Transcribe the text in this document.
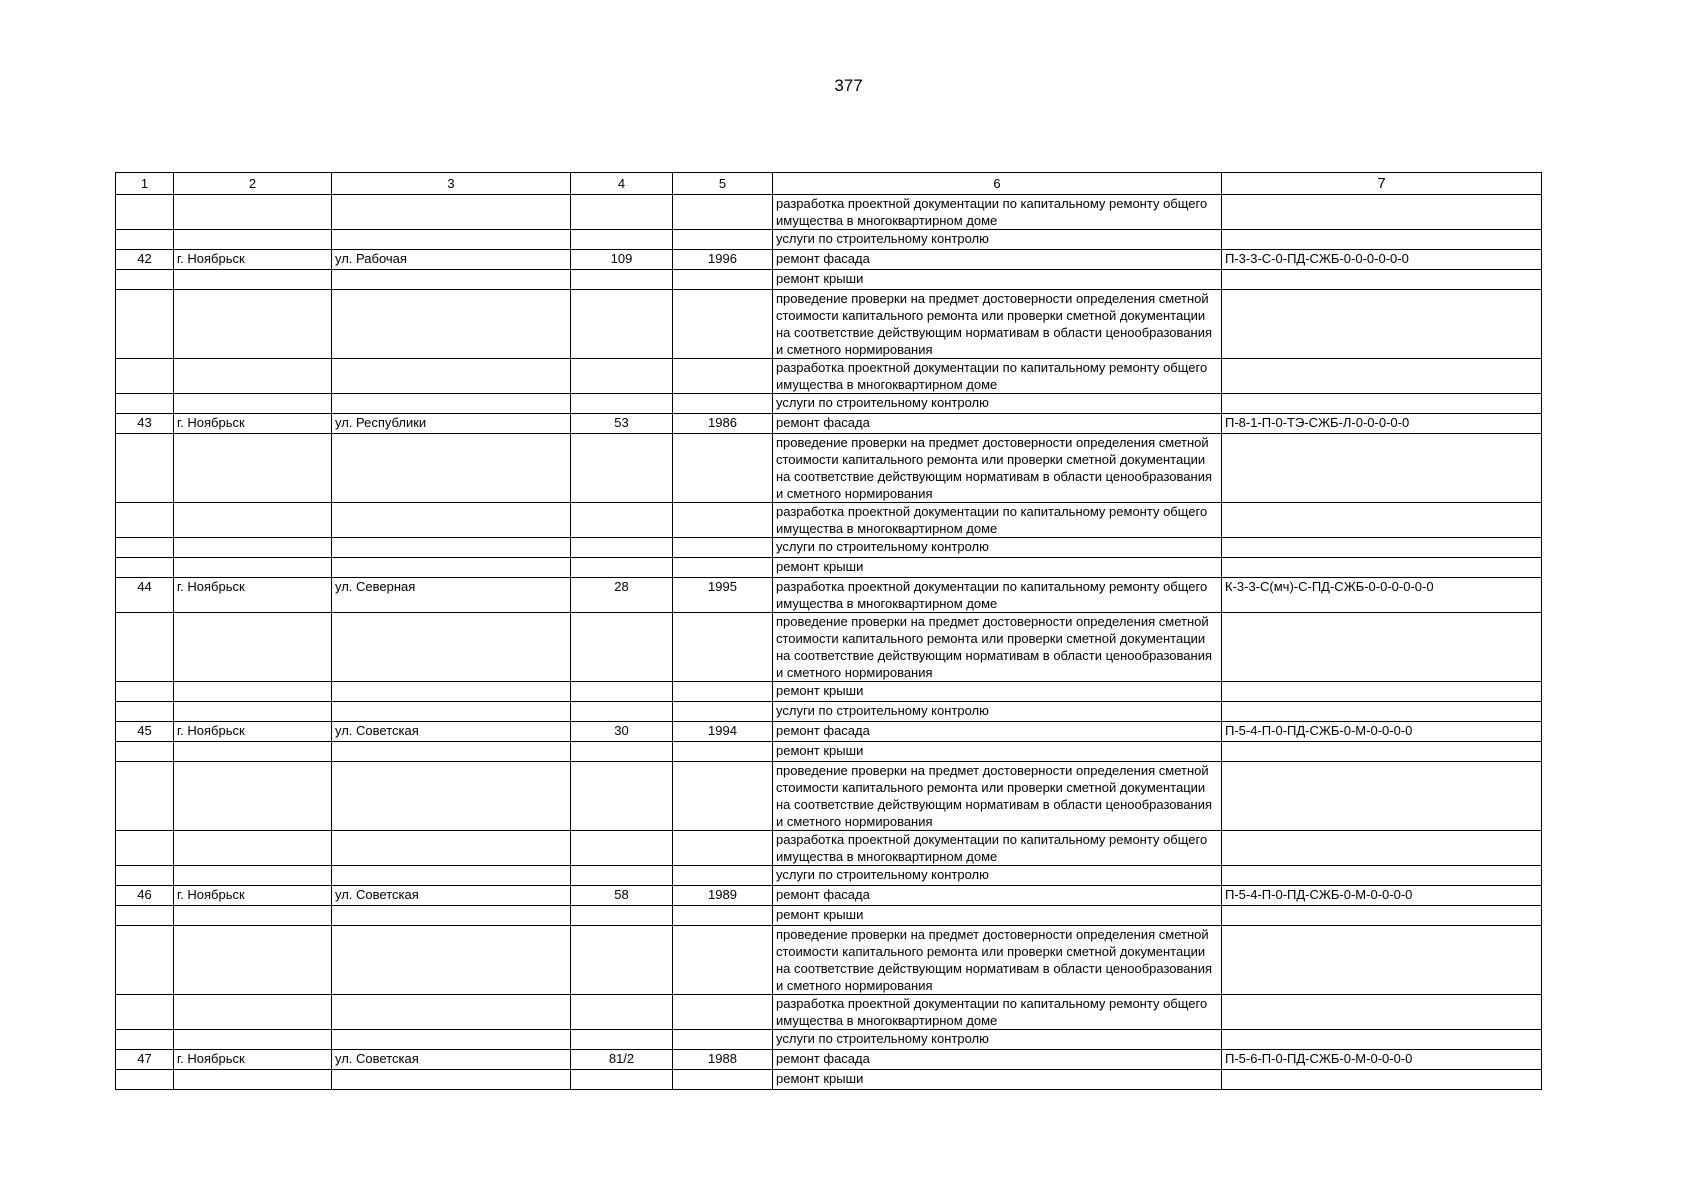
377
1	2	3	4	5	6	7
					разработка проектной документации по капитальному ремонту общего имущества в многоквартирном доме	
					услуги по строительному контролю	
42	г. Ноябрьск	ул. Рабочая	109	1996	ремонт фасада	П-3-3-С-0-ПД-СЖБ-0-0-0-0-0-0
					ремонт крыши	
					проведение проверки на предмет достоверности определения сметной стоимости капитального ремонта или проверки сметной документации на соответствие действующим нормативам в области ценообразования и сметного нормирования	
					разработка проектной документации по капитальному ремонту общего имущества в многоквартирном доме	
					услуги по строительному контролю	
43	г. Ноябрьск	ул. Республики	53	1986	ремонт фасада	П-8-1-П-0-ТЭ-СЖБ-Л-0-0-0-0-0
					проведение проверки на предмет достоверности определения сметной стоимости капитального ремонта или проверки сметной документации на соответствие действующим нормативам в области ценообразования и сметного нормирования	
					разработка проектной документации по капитальному ремонту общего имущества в многоквартирном доме	
					услуги по строительному контролю	
					ремонт крыши	
44	г. Ноябрьск	ул. Северная	28	1995	разработка проектной документации по капитальному ремонту общего имущества в многоквартирном доме	К-3-3-С(мч)-С-ПД-СЖБ-0-0-0-0-0-0
					проведение проверки на предмет достоверности определения сметной стоимости капитального ремонта или проверки сметной документации на соответствие действующим нормативам в области ценообразования и сметного нормирования	
					ремонт крыши	
					услуги по строительному контролю	
45	г. Ноябрьск	ул. Советская	30	1994	ремонт фасада	П-5-4-П-0-ПД-СЖБ-0-М-0-0-0-0
					ремонт крыши	
					проведение проверки на предмет достоверности определения сметной стоимости капитального ремонта или проверки сметной документации на соответствие действующим нормативам в области ценообразования и сметного нормирования	
					разработка проектной документации по капитальному ремонту общего имущества в многоквартирном доме	
					услуги по строительному контролю	
46	г. Ноябрьск	ул. Советская	58	1989	ремонт фасада	П-5-4-П-0-ПД-СЖБ-0-М-0-0-0-0
					ремонт крыши	
					проведение проверки на предмет достоверности определения сметной стоимости капитального ремонта или проверки сметной документации на соответствие действующим нормативам в области ценообразования и сметного нормирования	
					разработка проектной документации по капитальному ремонту общего имущества в многоквартирном доме	
					услуги по строительному контролю	
47	г. Ноябрьск	ул. Советская	81/2	1988	ремонт фасада	П-5-6-П-0-ПД-СЖБ-0-М-0-0-0-0
					ремонт крыши	
